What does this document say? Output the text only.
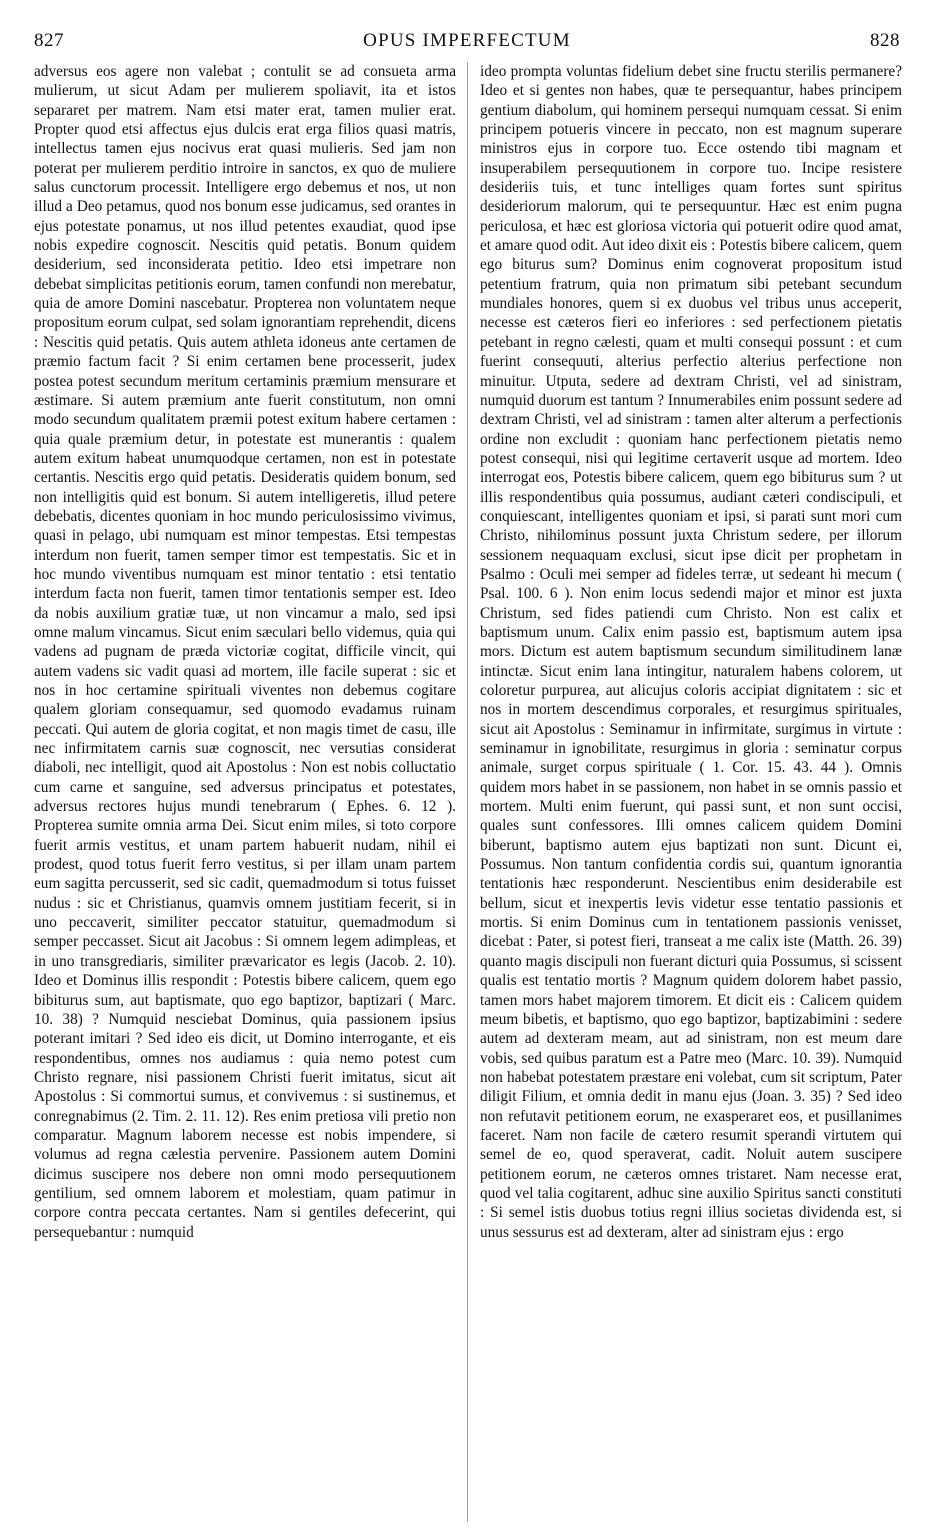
827	OPUS IMPERFECTUM	828

adversus eos agere non valebat ; contulit se ad consueta arma mulierum, ut sicut Adam per mulierem spoliavit, ita et istos separaret per matrem. Nam etsi mater erat, tamen mulier erat. Propter quod etsi affectus ejus dulcis erat erga filios quasi matris, intellectus tamen ejus nocivus erat quasi mulieris. Sed jam non poterat per mulierem perditio introire in sanctos, ex quo de muliere salus cunctorum processit. Intelligere ergo debemus et nos, ut non illud a Deo petamus, quod nos bonum esse judicamus, sed orantes in ejus potestate ponamus, ut nos illud petentes exaudiat, quod ipse nobis expedire cognoscit. Nescitis quid petatis. Bonum quidem desiderium, sed inconsiderata petitio. Ideo etsi impetrare non debebat simplicitas petitionis eorum, tamen confundi non merebatur, quia de amore Domini nascebatur. Propterea non voluntatem neque propositum eorum culpat, sed solam ignorantiam reprehendit, dicens : Nescitis quid petatis. Quis autem athleta idoneus ante certamen de præmio factum facit ? Si enim certamen bene processerit, judex postea potest secundum meritum certaminis præmium mensurare et æstimare. Si autem præmium ante fuerit constitutum, non omni modo secundum qualitatem præmii potest exitum habere certamen : quia quale præmium detur, in potestate est munerantis : qualem autem exitum habeat unumquodque certamen, non est in potestate certantis. Nescitis ergo quid petatis. Desideratis quidem bonum, sed non intelligitis quid est bonum. Si autem intelligeretis, illud petere debebatis, dicentes quoniam in hoc mundo periculosissimo vivimus, quasi in pelago, ubi numquam est minor tempestas. Etsi tempestas interdum non fuerit, tamen semper timor est tempestatis. Sic et in hoc mundo viventibus numquam est minor tentatio : etsi tentatio interdum facta non fuerit, tamen timor tentationis semper est. Ideo da nobis auxilium gratiæ tuæ, ut non vincamur a malo, sed ipsi omne malum vincamus. Sicut enim sæculari bello videmus, quia qui vadens ad pugnam de præda victoriæ cogitat, difficile vincit, qui autem vadens sic vadit quasi ad mortem, ille facile superat : sic et nos in hoc certamine spirituali viventes non debemus cogitare qualem gloriam consequamur, sed quomodo evadamus ruinam peccati. Qui autem de gloria cogitat, et non magis timet de casu, ille nec infirmitatem carnis suæ cognoscit, nec versutias considerat diaboli, nec intelligit, quod ait Apostolus : Non est nobis colluctatio cum carne et sanguine, sed adversus principatus et potestates, adversus rectores hujus mundi tenebrarum ( Ephes. 6. 12 ). Propterea sumite omnia arma Dei. Sicut enim miles, si toto corpore fuerit armis vestitus, et unam partem habuerit nudam, nihil ei prodest, quod totus fuerit ferro vestitus, si per illam unam partem eum sagitta percusserit, sed sic cadit, quemadmodum si totus fuisset nudus : sic et Christianus, quamvis omnem justitiam fecerit, si in uno peccaverit, similiter peccator statuitur, quemadmodum si semper peccasset. Sicut ait Jacobus : Si omnem legem adimpleas, et in uno transgrediaris, similiter prævaricator es legis (Jacob. 2. 10). Ideo et Dominus illis respondit : Potestis bibere calicem, quem ego bibiturus sum, aut baptismate, quo ego baptizor, baptizari ( Marc. 10. 38) ? Numquid nesciebat Dominus, quia passionem ipsius poterant imitari ? Sed ideo eis dicit, ut Domino interrogante, et eis respondentibus, omnes nos audiamus : quia nemo potest cum Christo regnare, nisi passionem Christi fuerit imitatus, sicut ait Apostolus : Si commortui sumus, et convivemus : si sustinemus, et conregnabimus (2. Tim. 2. 11. 12). Res enim pretiosa vili pretio non comparatur. Magnum laborem necesse est nobis impendere, si volumus ad regna cælestia pervenire. Passionem autem Domini dicimus suscipere nos debere non omni modo persequutionem gentilium, sed omnem laborem et molestiam, quam patimur in corpore contra peccata certantes. Nam si gentiles defecerint, qui persequebantur : numquid

ideo prompta voluntas fidelium debet sine fructu sterilis permanere? Ideo et si gentes non habes, quæ te persequantur, habes principem gentium diabolum, qui hominem persequi numquam cessat. Si enim principem potueris vincere in peccato, non est magnum superare ministros ejus in corpore tuo. Ecce ostendo tibi magnam et insuperabilem persequutionem in corpore tuo. Incipe resistere desideriis tuis, et tunc intelliges quam fortes sunt spiritus desideriorum malorum, qui te persequuntur. Hæc est enim pugna periculosa, et hæc est gloriosa victoria qui potuerit odire quod amat, et amare quod odit. Aut ideo dixit eis : Potestis bibere calicem, quem ego biturus sum? Dominus enim cognoverat propositum istud petentium fratrum, quia non primatum sibi petebant secundum mundiales honores, quem si ex duobus vel tribus unus acceperit, necesse est cæteros fieri eo inferiores : sed perfectionem pietatis petebant in regno cælesti, quam et multi consequi possunt : et cum fuerint consequuti, alterius perfectio alterius perfectione non minuitur. Utputa, sedere ad dextram Christi, vel ad sinistram, numquid duorum est tantum ? Innumerabiles enim possunt sedere ad dextram Christi, vel ad sinistram : tamen alter alterum a perfectionis ordine non excludit : quoniam hanc perfectionem pietatis nemo potest consequi, nisi qui legitime certaverit usque ad mortem. Ideo interrogat eos, Potestis bibere calicem, quem ego bibiturus sum ? ut illis respondentibus quia possumus, audiant cæteri condiscipuli, et conquiescant, intelligentes quoniam et ipsi, si parati sunt mori cum Christo, nihilominus possunt juxta Christum sedere, per illorum sessionem nequaquam exclusi, sicut ipse dicit per prophetam in Psalmo : Oculi mei semper ad fideles terræ, ut sedeant hi mecum ( Psal. 100. 6 ). Non enim locus sedendi major et minor est juxta Christum, sed fides patiendi cum Christo. Non est calix et baptismum unum. Calix enim passio est, baptismum autem ipsa mors. Dictum est autem baptismum secundum similitudinem lanæ intinctæ. Sicut enim lana intingitur, naturalem habens colorem, ut coloretur purpurea, aut alicujus coloris accipiat dignitatem : sic et nos in mortem descendimus corporales, et resurgimus spirituales, sicut ait Apostolus : Seminamur in infirmitate, surgimus in virtute : seminamur in ignobilitate, resurgimus in gloria : seminatur corpus animale, surget corpus spirituale ( 1. Cor. 15. 43. 44 ). Omnis quidem mors habet in se passionem, non habet in se omnis passio et mortem. Multi enim fuerunt, qui passi sunt, et non sunt occisi, quales sunt confessores. Illi omnes calicem quidem Domini biberunt, baptismo autem ejus baptizati non sunt. Dicunt ei, Possumus. Non tantum confidentia cordis sui, quantum ignorantia tentationis hæc responderunt. Nescientibus enim desiderabile est bellum, sicut et inexpertis levis videtur esse tentatio passionis et mortis. Si enim Dominus cum in tentationem passionis venisset, dicebat : Pater, si potest fieri, transeat a me calix iste (Matth. 26. 39) quanto magis discipuli non fuerant dicturi quia Possumus, si scissent qualis est tentatio mortis ? Magnum quidem dolorem habet passio, tamen mors habet majorem timorem. Et dicit eis : Calicem quidem meum bibetis, et baptismo, quo ego baptizor, baptizabimini : sedere autem ad dexteram meam, aut ad sinistram, non est meum dare vobis, sed quibus paratum est a Patre meo (Marc. 10. 39). Numquid non habebat potestatem præstare eni volebat, cum sit scriptum, Pater diligit Filium, et omnia dedit in manu ejus (Joan. 3. 35) ? Sed ideo non refutavit petitionem eorum, ne exasperaret eos, et pusillanimes faceret. Nam non facile de cætero resumit sperandi virtutem qui semel de eo, quod speraverat, cadit. Noluit autem suscipere petitionem eorum, ne cæteros omnes tristaret. Nam necesse erat, quod vel talia cogitarent, adhuc sine auxilio Spiritus sancti constituti : Si semel istis duobus totius regni illius societas dividenda est, si unus sessurus est ad dexteram, alter ad sinistram ejus : ergo
